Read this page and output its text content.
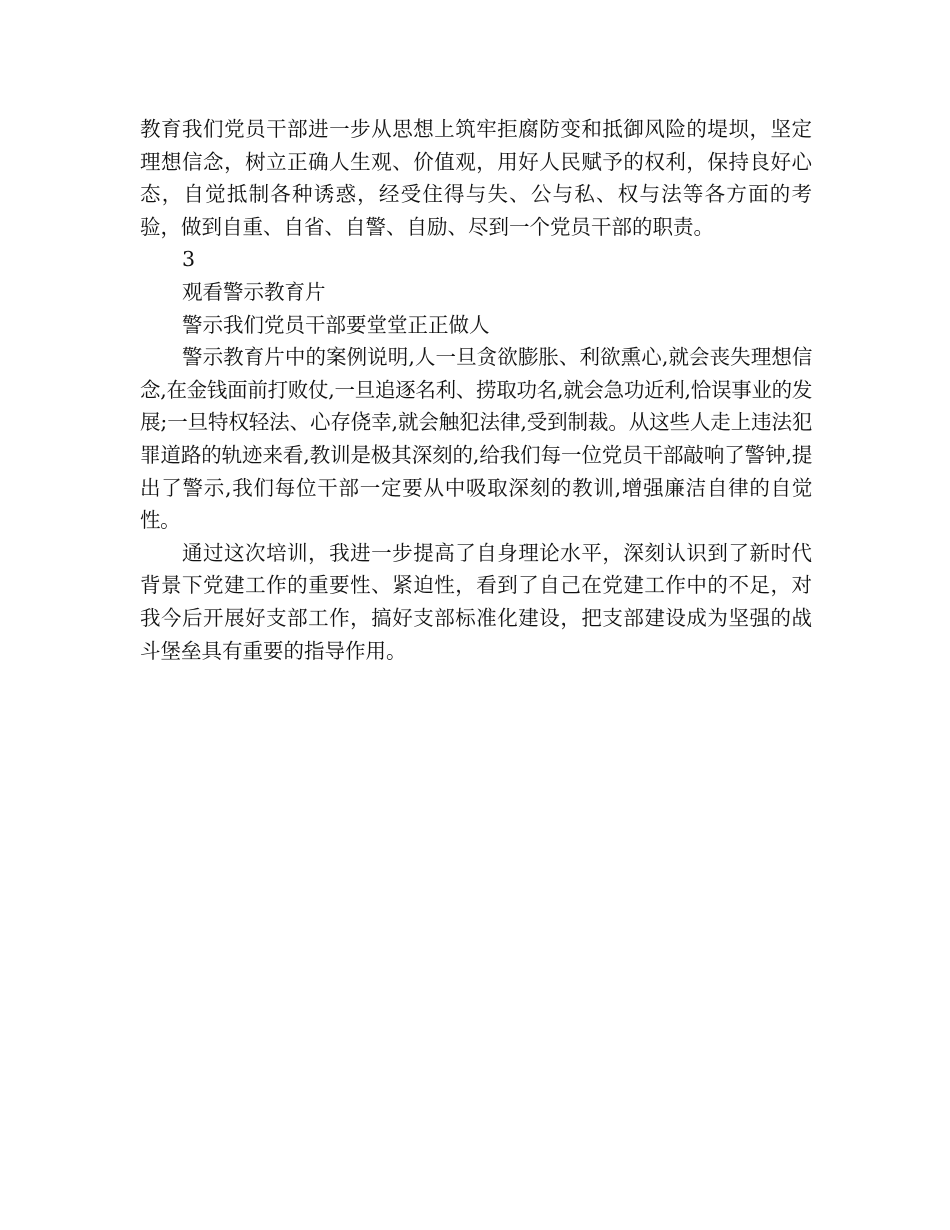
教育我们党员干部进一步从思想上筑牢拒腐防变和抵御风险的堤坝，坚定理想信念，树立正确人生观、价值观，用好人民赋予的权利，保持良好心态，自觉抵制各种诱惑，经受住得与失、公与私、权与法等各方面的考验，做到自重、自省、自警、自励、尽到一个党员干部的职责。

3

观看警示教育片

警示我们党员干部要堂堂正正做人

警示教育片中的案例说明,人一旦贪欲膨胀、利欲熏心,就会丧失理想信念,在金钱面前打败仗,一旦追逐名利、捞取功名,就会急功近利,恰误事业的发展;一旦特权轻法、心存侥幸,就会触犯法律,受到制裁。从这些人走上违法犯罪道路的轨迹来看,教训是极其深刻的,给我们每一位党员干部敲响了警钟,提出了警示,我们每位干部一定要从中吸取深刻的教训,增强廉洁自律的自觉性。

通过这次培训，我进一步提高了自身理论水平，深刻认识到了新时代背景下党建工作的重要性、紧迫性，看到了自己在党建工作中的不足，对我今后开展好支部工作，搞好支部标准化建设，把支部建设成为坚强的战斗堡垒具有重要的指导作用。
